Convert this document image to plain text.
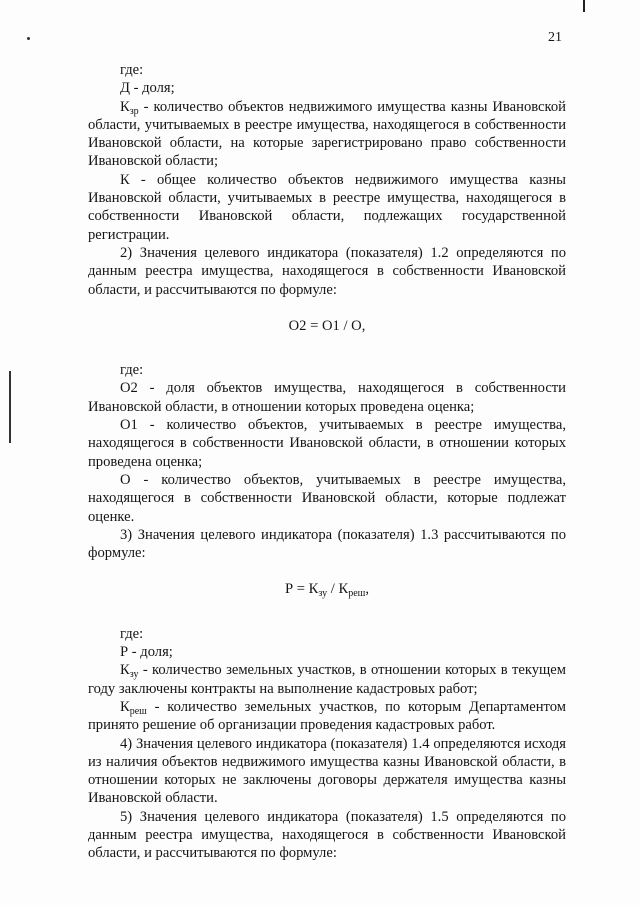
21

где:

Д - доля;

$К_{зр}$ - количество объектов недвижимого имущества казны Ивановской области, учитываемых в реестре имущества, находящегося в собственности Ивановской области, на которые зарегистрировано право собственности Ивановской области;

К - общее количество объектов недвижимого имущества казны Ивановской области, учитываемых в реестре имущества, находящегося в собственности Ивановской области, подлежащих государственной регистрации.

2) Значения целевого индикатора (показателя) 1.2 определяются по данным реестра имущества, находящегося в собственности Ивановской области, и рассчитываются по формуле:

О2 = О1 / О,

где:

О2 - доля объектов имущества, находящегося в собственности Ивановской области, в отношении которых проведена оценка;

О1 - количество объектов, учитываемых в реестре имущества, находящегося в собственности Ивановской области, в отношении которых проведена оценка;

О - количество объектов, учитываемых в реестре имущества, находящегося в собственности Ивановской области, которые подлежат оценке.

3) Значения целевого индикатора (показателя) 1.3 рассчитываются по формуле:

$Р = К_{зу} / К_{реш}$,

где:

Р - доля;

$К_{зу}$ - количество земельных участков, в отношении которых в текущем году заключены контракты на выполнение кадастровых работ;

$К_{реш}$ - количество земельных участков, по которым Департаментом принято решение об организации проведения кадастровых работ.

4) Значения целевого индикатора (показателя) 1.4 определяются исходя из наличия объектов недвижимого имущества казны Ивановской области, в отношении которых не заключены договоры держателя имущества казны Ивановской области.

5) Значения целевого индикатора (показателя) 1.5 определяются по данным реестра имущества, находящегося в собственности Ивановской области, и рассчитываются по формуле:
